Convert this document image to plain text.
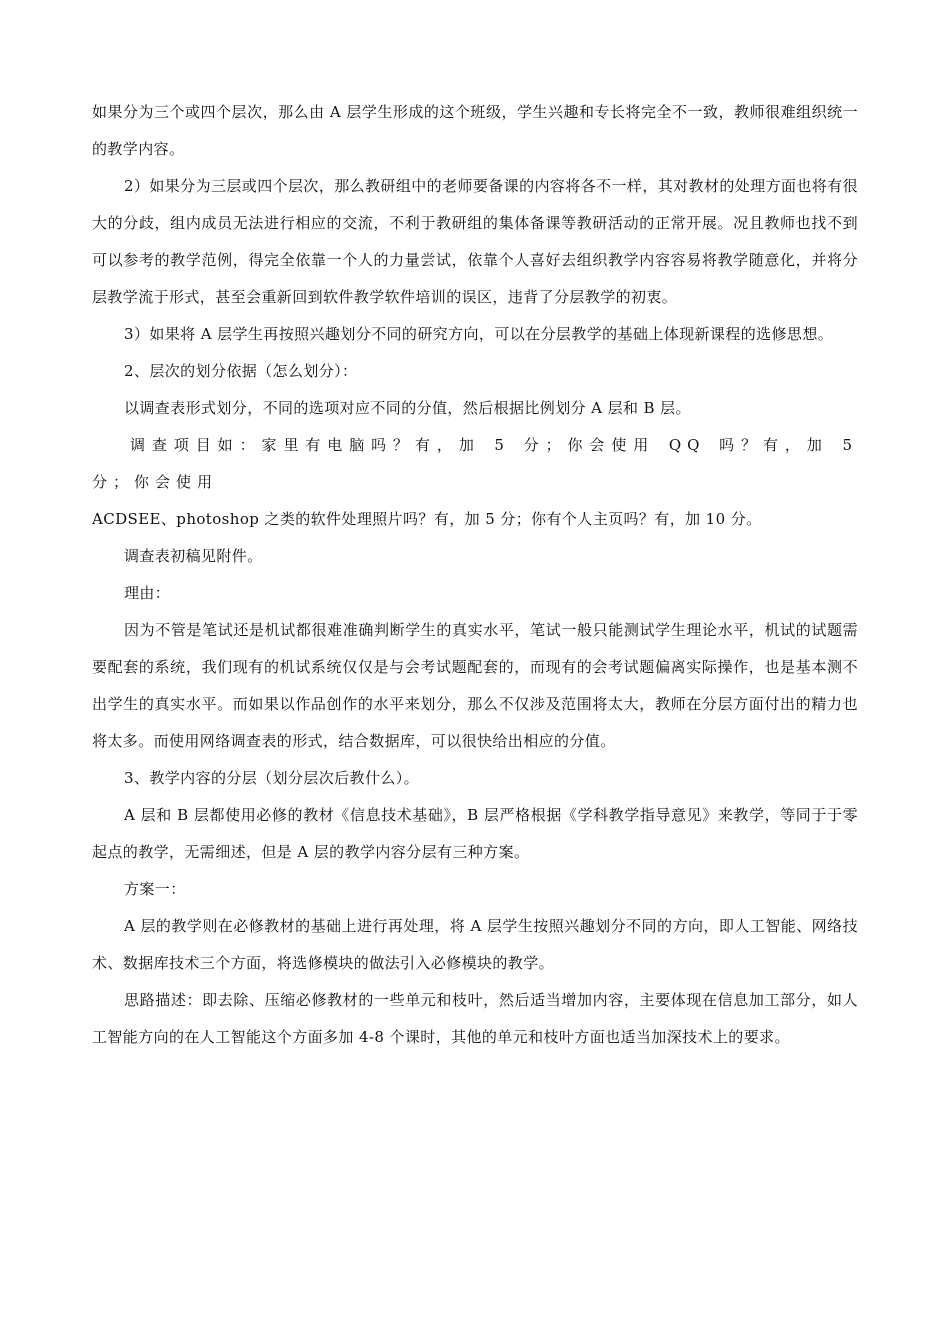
如果分为三个或四个层次，那么由 A 层学生形成的这个班级，学生兴趣和专长将完全不一致，教师很难组织统一的教学内容。

2）如果分为三层或四个层次，那么教研组中的老师要备课的内容将各不一样，其对教材的处理方面也将有很大的分歧，组内成员无法进行相应的交流，不利于教研组的集体备课等教研活动的正常开展。况且教师也找不到可以参考的教学范例，得完全依靠一个人的力量尝试，依靠个人喜好去组织教学内容容易将教学随意化，并将分层教学流于形式，甚至会重新回到软件教学软件培训的误区，违背了分层教学的初衷。

3）如果将 A 层学生再按照兴趣划分不同的研究方向，可以在分层教学的基础上体现新课程的选修思想。

2、层次的划分依据（怎么划分）：

以调查表形式划分，不同的选项对应不同的分值，然后根据比例划分 A 层和 B 层。

调查项目如：家里有电脑吗？有，加 5 分；你会使用 QQ 吗？有，加 5 分；你会使用

ACDSEE、photoshop 之类的软件处理照片吗？有，加 5 分；你有个人主页吗？有，加 10 分。

调查表初稿见附件。

理由：

因为不管是笔试还是机试都很难准确判断学生的真实水平，笔试一般只能测试学生理论水平，机试的试题需要配套的系统，我们现有的机试系统仅仅是与会考试题配套的，而现有的会考试题偏离实际操作，也是基本测不出学生的真实水平。而如果以作品创作的水平来划分，那么不仅涉及范围将太大，教师在分层方面付出的精力也将太多。而使用网络调查表的形式，结合数据库，可以很快给出相应的分值。

3、教学内容的分层（划分层次后教什么）。

A 层和 B 层都使用必修的教材《信息技术基础》，B 层严格根据《学科教学指导意见》来教学，等同于于零起点的教学，无需细述，但是 A 层的教学内容分层有三种方案。

方案一：

A 层的教学则在必修教材的基础上进行再处理，将 A 层学生按照兴趣划分不同的方向，即人工智能、网络技术、数据库技术三个方面，将选修模块的做法引入必修模块的教学。

思路描述：即去除、压缩必修教材的一些单元和枝叶，然后适当增加内容，主要体现在信息加工部分，如人工智能方向的在人工智能这个方面多加 4-8 个课时，其他的单元和枝叶方面也适当加深技术上的要求。
